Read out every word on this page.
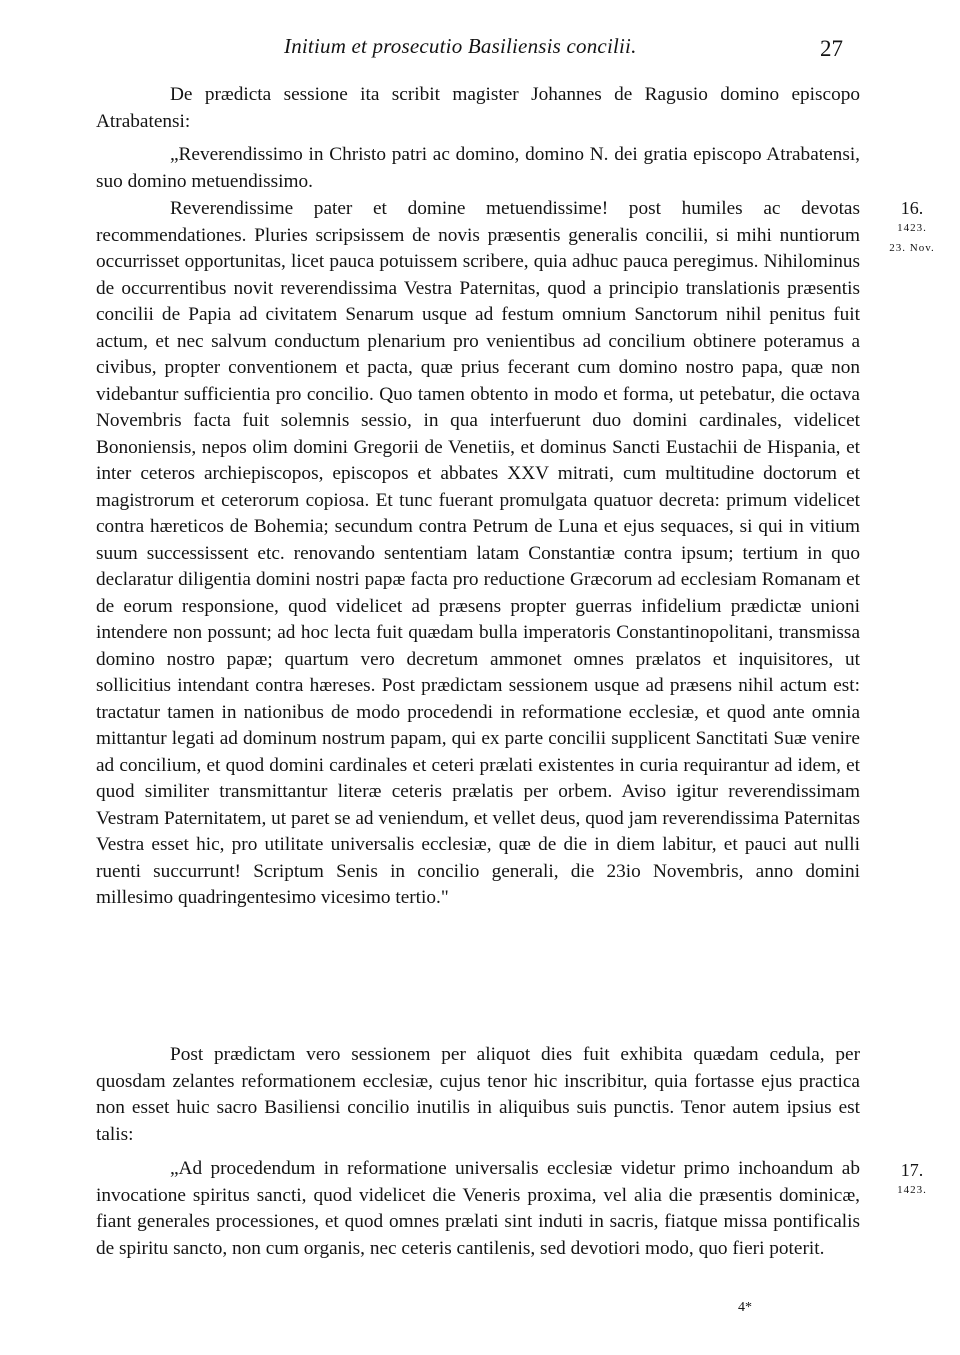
Initium et prosecutio Basiliensis concilii.	27

De prædicta sessione ita scribit magister Johannes de Ragusio domino episcopo Atrabatensi:

„Reverendissimo in Christo patri ac domino, domino N. dei gratia episcopo Atrabatensi, suo domino metuendissimo.

Reverendissime pater et domine metuendissime! post humiles ac devotas recommendationes. Pluries scripsissem de novis præsentis generalis concilii, si mihi nuntiorum occurrisset opportunitas, licet pauca potuissem scribere, quia adhuc pauca peregimus. Nihilominus de occurrentibus novit reverendissima Vestra Paternitas, quod a principio translationis præsentis concilii de Papia ad civitatem Senarum usque ad festum omnium Sanctorum nihil penitus fuit actum, et nec salvum conductum plenarium pro venientibus ad concilium obtinere poteramus a civibus, propter conventionem et pacta, quæ prius fecerant cum domino nostro papa, quæ non videbantur sufficientia pro concilio. Quo tamen obtento in modo et forma, ut petebatur, die octava Novembris facta fuit solemnis sessio, in qua interfuerunt duo domini cardinales, videlicet Bononiensis, nepos olim domini Gregorii de Venetiis, et dominus Sancti Eustachii de Hispania, et inter ceteros archiepiscopos, episcopos et abbates XXV mitrati, cum multitudine doctorum et magistrorum et ceterorum copiosa. Et tunc fuerant promulgata quatuor decreta: primum videlicet contra hæreticos de Bohemia; secundum contra Petrum de Luna et ejus sequaces, si qui in vitium suum successissent etc. renovando sententiam latam Constantiæ contra ipsum; tertium in quo declaratur diligentia domini nostri papæ facta pro reductione Græcorum ad ecclesiam Romanam et de eorum responsione, quod videlicet ad præsens propter guerras infidelium prædictæ unioni intendere non possunt; ad hoc lecta fuit quædam bulla imperatoris Constantinopolitani, transmissa domino nostro papæ; quartum vero decretum ammonet omnes prælatos et inquisitores, ut sollicitius intendant contra hæreses. Post prædictam sessionem usque ad præsens nihil actum est: tractatur tamen in nationibus de modo procedendi in reformatione ecclesiæ, et quod ante omnia mittantur legati ad dominum nostrum papam, qui ex parte concilii supplicent Sanctitati Suæ venire ad concilium, et quod domini cardinales et ceteri prælati existentes in curia requirantur ad idem, et quod similiter transmittantur literæ ceteris prælatis per orbem. Aviso igitur reverendissimam Vestram Paternitatem, ut paret se ad veniendum, et vellet deus, quod jam reverendissima Paternitas Vestra esset hic, pro utilitate universalis ecclesiæ, quæ de die in diem labitur, et pauci aut nulli ruenti succurrunt! Scriptum Senis in concilio generali, die 23io Novembris, anno domini millesimo quadringentesimo vicesimo tertio."

Post prædictam vero sessionem per aliquot dies fuit exhibita quædam cedula, per quosdam zelantes reformationem ecclesiæ, cujus tenor hic inscribitur, quia fortasse ejus practica non esset huic sacro Basiliensi concilio inutilis in aliquibus suis punctis. Tenor autem ipsius est talis:

„Ad procedendum in reformatione universalis ecclesiæ videtur primo inchoandum ab invocatione spiritus sancti, quod videlicet die Veneris proxima, vel alia die præsentis dominicæ, fiant generales processiones, et quod omnes prælati sint induti in sacris, fiatque missa pontificalis de spiritu sancto, non cum organis, nec ceteris cantilenis, sed devotiori modo, quo fieri poterit.

16.
1423.
23. Nov.
17.
1423.
4*
